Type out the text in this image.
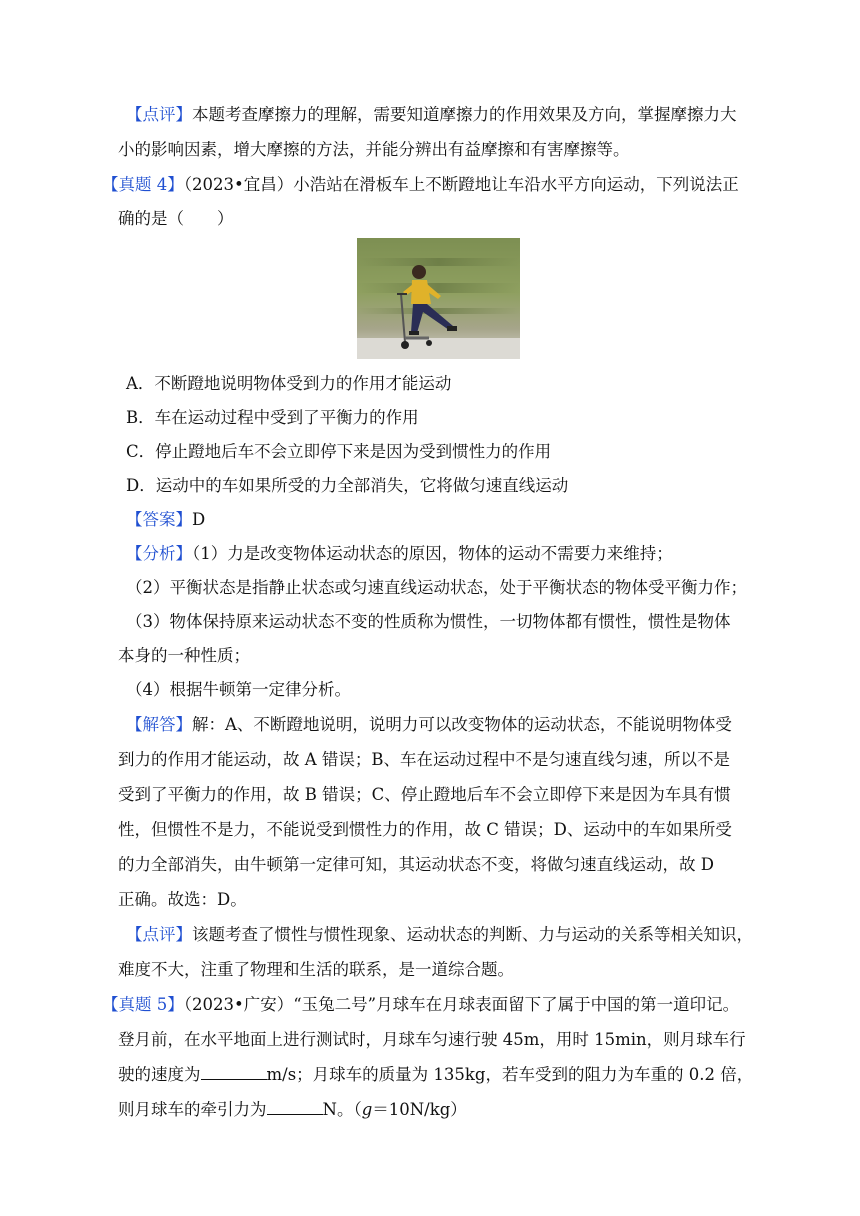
【点评】本题考查摩擦力的理解，需要知道摩擦力的作用效果及方向，掌握摩擦力大
小的影响因素，增大摩擦的方法，并能分辨出有益摩擦和有害摩擦等。
【真题 4】（2023•宜昌）小浩站在滑板车上不断蹬地让车沿水平方向运动，下列说法正
确的是（　　）
A．不断蹬地说明物体受到力的作用才能运动
B．车在运动过程中受到了平衡力的作用
C．停止蹬地后车不会立即停下来是因为受到惯性力的作用
D．运动中的车如果所受的力全部消失，它将做匀速直线运动
【答案】D
【分析】（1）力是改变物体运动状态的原因，物体的运动不需要力来维持；
（2）平衡状态是指静止状态或匀速直线运动状态，处于平衡状态的物体受平衡力作；
（3）物体保持原来运动状态不变的性质称为惯性，一切物体都有惯性，惯性是物体
本身的一种性质；
（4）根据牛顿第一定律分析。
【解答】解：A、不断蹬地说明，说明力可以改变物体的运动状态，不能说明物体受
到力的作用才能运动，故 A 错误；B、车在运动过程中不是匀速直线匀速，所以不是
受到了平衡力的作用，故 B 错误；C、停止蹬地后车不会立即停下来是因为车具有惯
性，但惯性不是力，不能说受到惯性力的作用，故 C 错误；D、运动中的车如果所受
的力全部消失，由牛顿第一定律可知，其运动状态不变，将做匀速直线运动，故 D
正确。故选：D。
【点评】该题考查了惯性与惯性现象、运动状态的判断、力与运动的关系等相关知识，
难度不大，注重了物理和生活的联系，是一道综合题。
【真题 5】（2023•广安）“玉兔二号”月球车在月球表面留下了属于中国的第一道印记。
登月前，在水平地面上进行测试时，月球车匀速行驶 45m，用时 15min，则月球车行
驶的速度为	m/s；月球车的质量为 135kg，若车受到的阻力为车重的 0.2 倍，
则月球车的牵引力为	N。（g＝10N/kg）
